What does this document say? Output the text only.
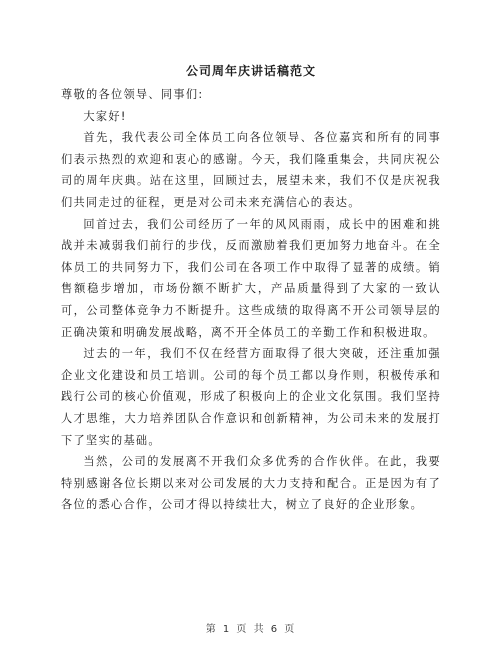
公司周年庆讲话稿范文

尊敬的各位领导、同事们:

大家好!

首先，我代表公司全体员工向各位领导、各位嘉宾和所有的同事们表示热烈的欢迎和衷心的感谢。今天，我们隆重集会，共同庆祝公司的周年庆典。站在这里，回顾过去，展望未来，我们不仅是庆祝我们共同走过的征程，更是对公司未来充满信心的表达。

回首过去，我们公司经历了一年的风风雨雨，成长中的困难和挑战并未减弱我们前行的步伐，反而激励着我们更加努力地奋斗。在全体员工的共同努力下，我们公司在各项工作中取得了显著的成绩。销售额稳步增加，市场份额不断扩大，产品质量得到了大家的一致认可，公司整体竞争力不断提升。这些成绩的取得离不开公司领导层的正确决策和明确发展战略，离不开全体员工的辛勤工作和积极进取。

过去的一年，我们不仅在经营方面取得了很大突破，还注重加强企业文化建设和员工培训。公司的每个员工都以身作则，积极传承和践行公司的核心价值观，形成了积极向上的企业文化氛围。我们坚持人才思维，大力培养团队合作意识和创新精神，为公司未来的发展打下了坚实的基础。

当然，公司的发展离不开我们众多优秀的合作伙伴。在此，我要特别感谢各位长期以来对公司发展的大力支持和配合。正是因为有了各位的悉心合作，公司才得以持续壮大，树立了良好的企业形象。

第 1 页 共 6 页
